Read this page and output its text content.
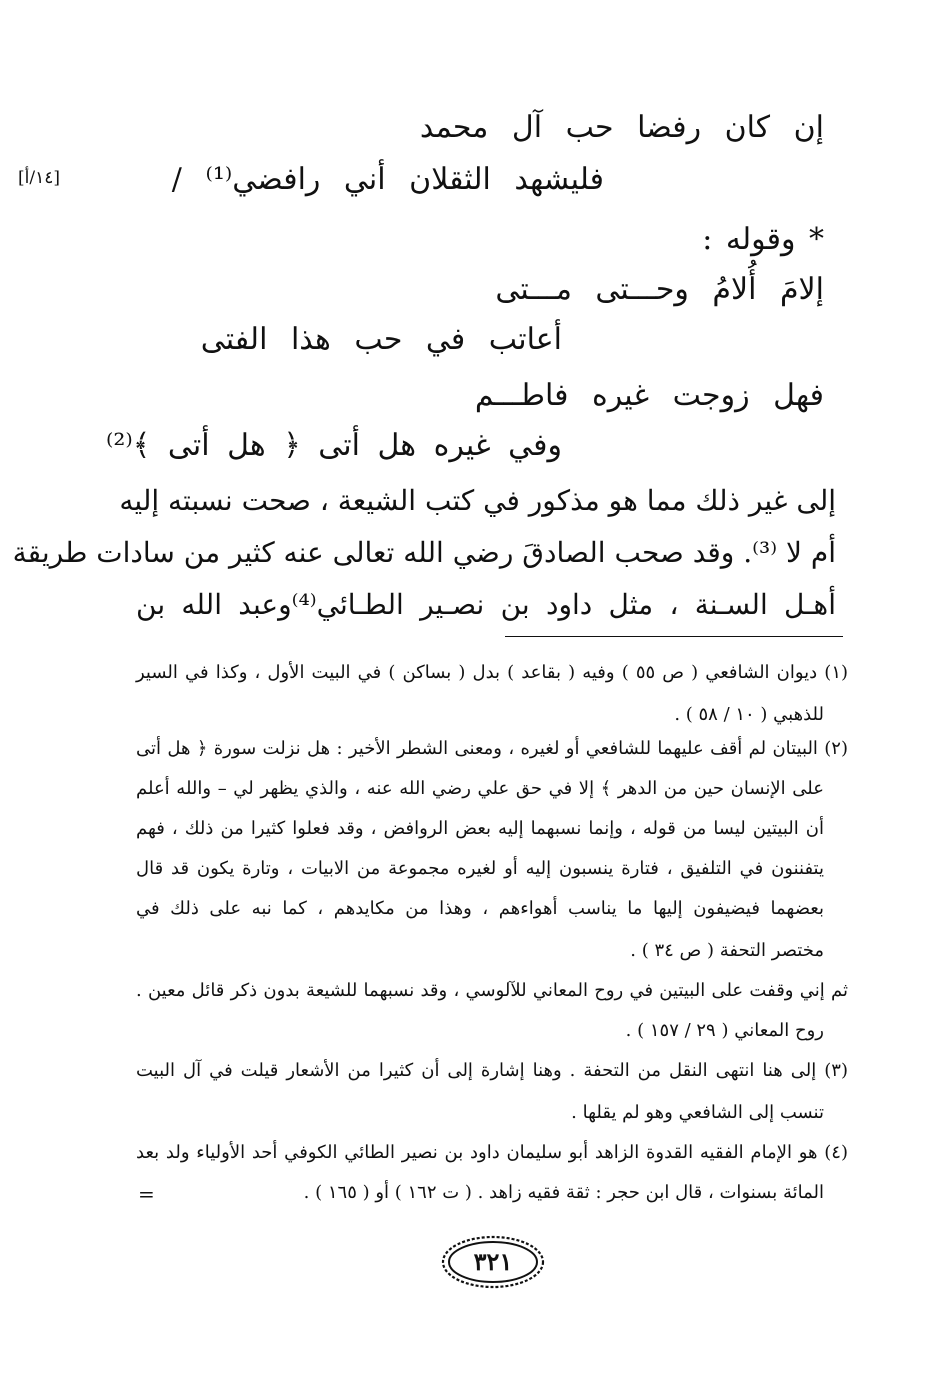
إن كان رفضا حب آل محمد
فليشهد الثقلان أني رافضي⁽¹⁾ /
[١٤/أ]
* وقوله :
إلامَ أُلامُ وحـــتى مـــتى
أعاتب في حب هذا الفتى
فهل زوجت غيره فاطـــم
وفي غيره هل أتى ﴿ هل أتى ﴾⁽²⁾
إلى غير ذلك مما هو مذكور في كتب الشيعة ، صحت نسبته إليه
أم لا ⁽³⁾. وقد صحب الصادقَ رضي الله تعالى عنه كثير من سادات طريقة
أهـل السـنة ، مثل داود بن نصـير الطـائي⁽⁴⁾وعبد الله بن
(١) ديوان الشافعي ( ص ٥٥ ) وفيه ( بقاعد ) بدل ( بساكن ) في البيت الأول ، وكذا في السير
للذهبي ( ١٠ / ٥٨ ) .
(٢) البيتان لم أقف عليهما للشافعي أو لغيره ، ومعنى الشطر الأخير : هل نزلت سورة ﴿ هل أتى
على الإنسان حين من الدهر ﴾ إلا في حق علي رضي الله عنه ، والذي يظهر لي – والله أعلم
أن البيتين ليسا من قوله ، وإنما نسبهما إليه بعض الروافض ، وقد فعلوا كثيرا من ذلك ، فهم
يتفننون في التلفيق ، فتارة ينسبون إليه أو لغيره مجموعة من الابيات ، وتارة يكون قد قال
بعضهما فيضيفون إليها ما يناسب أهواءهم ، وهذا من مكايدهم ، كما نبه على ذلك في
مختصر التحفة ( ص ٣٤ ) .
ثم إني وقفت على البيتين في روح المعاني للآلوسي ، وقد نسبهما للشيعة بدون ذكر قائل معين .
روح المعاني ( ٢٩ / ١٥٧ ) .
(٣) إلى هنا انتهى النقل من التحفة . وهنا إشارة إلى أن كثيرا من الأشعار قيلت في آل البيت
تنسب إلى الشافعي وهو لم يقلها .
(٤) هو الإمام الفقيه القدوة الزاهد أبو سليمان داود بن نصير الطائي الكوفي أحد الأولياء ولد بعد
المائة بسنوات ، قال ابن حجر : ثقة فقيه زاهد . ( ت ١٦٢ ) أو ( ١٦٥ ) .
=
٣٢١
